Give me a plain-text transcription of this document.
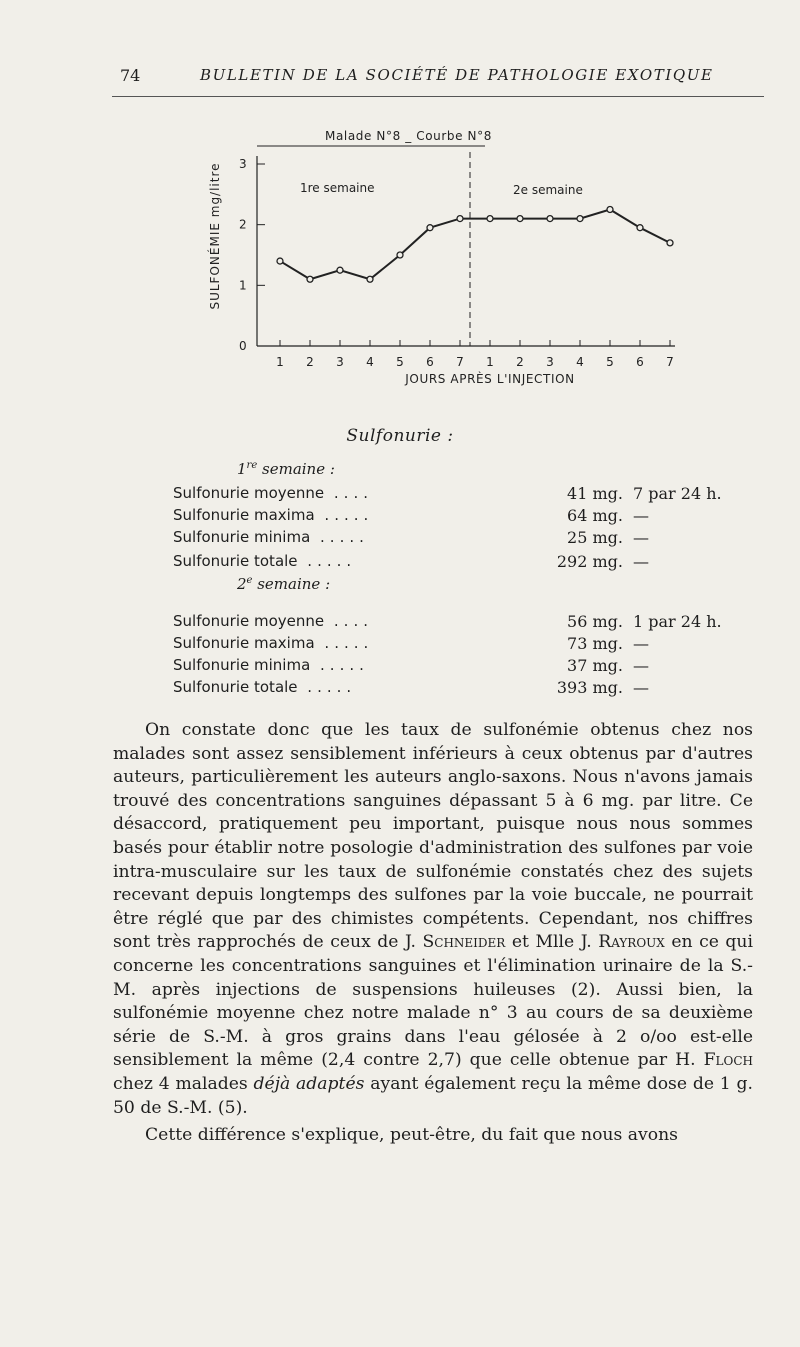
74	BULLETIN DE LA SOCIÉTÉ DE PATHOLOGIE EXOTIQUE
Malade N°8 _ Courbe N°8
SULFONÉMIE mg/litre
JOURS APRÈS L'INJECTION
0
1
2
3
1 2 3 4 5 6 7 1 2 3 4 5 6 7
1re semaine	2e semaine
Sulfonurie :
1re semaine :
Sulfonurie moyenne ....	41 mg. 7 par 24 h.
Sulfonurie maxima .....	64 mg. —
Sulfonurie minima .....	25 mg. —
Sulfonurie totale .....	292 mg. —
2e semaine :
Sulfonurie moyenne ....	56 mg. 1 par 24 h.
Sulfonurie maxima .....	73 mg. —
Sulfonurie minima .....	37 mg. —
Sulfonurie totale .....	393 mg. —

On constate donc que les taux de sulfonémie obtenus chez nos malades sont assez sensiblement inférieurs à ceux obtenus par d'autres auteurs, particulièrement les auteurs anglo-saxons. Nous n'avons jamais trouvé des concentrations sanguines dépassant 5 à 6 mg. par litre. Ce désaccord, pratiquement peu important, puisque nous nous sommes basés pour établir notre posologie d'administration des sulfones par voie intra-musculaire sur les taux de sulfonémie constatés chez des sujets recevant depuis longtemps des sulfones par la voie buccale, ne pourrait être réglé que par des chimistes compétents. Cependant, nos chiffres sont très rapprochés de ceux de J. Schneider et Mlle J. Rayroux en ce qui concerne les concentrations sanguines et l'élimination urinaire de la S.-M. après injections de suspensions huileuses (2). Aussi bien, la sulfonémie moyenne chez notre malade n° 3 au cours de sa deuxième série de S.-M. à gros grains dans l'eau gélosée à 2 o/oo est-elle sensiblement la même (2,4 contre 2,7) que celle obtenue par H. Floch chez 4 malades déjà adaptés ayant également reçu la même dose de 1 g. 50 de S.-M. (5).

Cette différence s'explique, peut-être, du fait que nous avons
